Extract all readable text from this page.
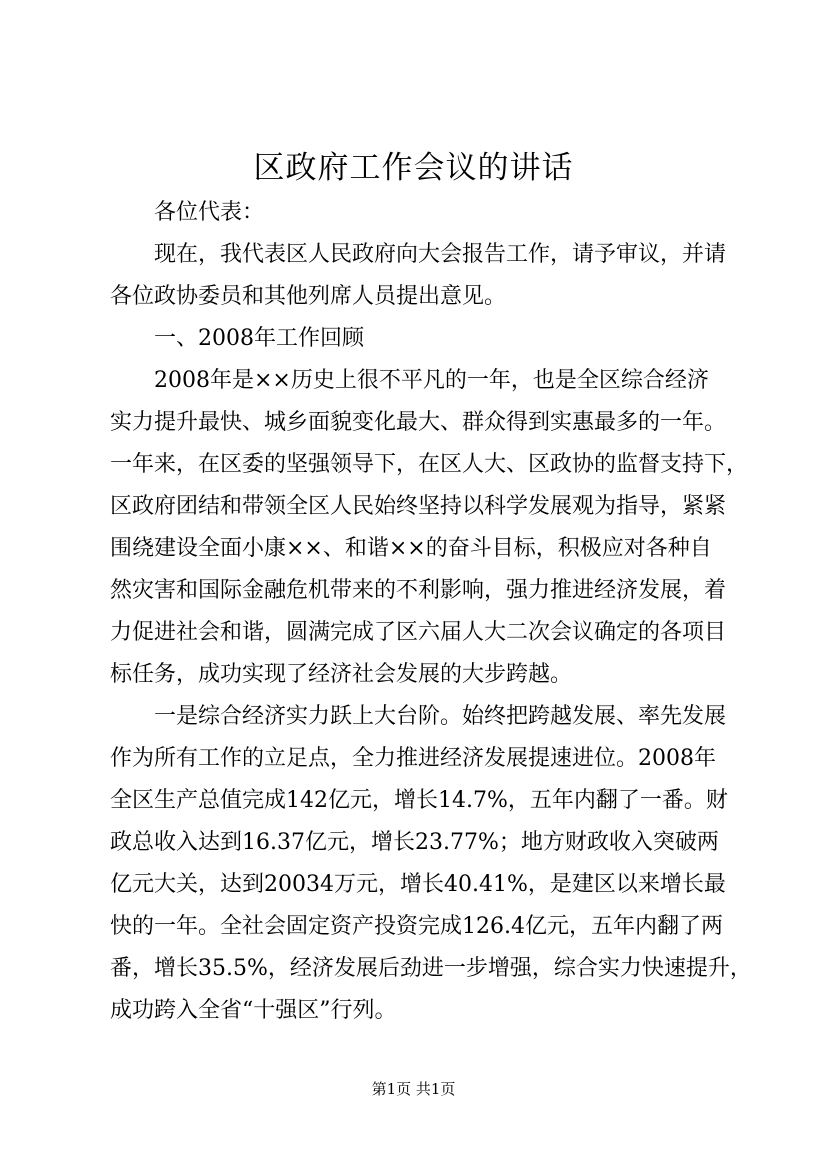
区政府工作会议的讲话
各位代表：
现在，我代表区人民政府向大会报告工作，请予审议，并请
各位政协委员和其他列席人员提出意见。
一、2008年工作回顾
2008年是××历史上很不平凡的一年，也是全区综合经济
实力提升最快、城乡面貌变化最大、群众得到实惠最多的一年。
一年来，在区委的坚强领导下，在区人大、区政协的监督支持下，
区政府团结和带领全区人民始终坚持以科学发展观为指导，紧紧
围绕建设全面小康××、和谐××的奋斗目标，积极应对各种自
然灾害和国际金融危机带来的不利影响，强力推进经济发展，着
力促进社会和谐，圆满完成了区六届人大二次会议确定的各项目
标任务，成功实现了经济社会发展的大步跨越。
一是综合经济实力跃上大台阶。始终把跨越发展、率先发展
作为所有工作的立足点，全力推进经济发展提速进位。2008年
全区生产总值完成142亿元，增长14.7%，五年内翻了一番。财
政总收入达到16.37亿元，增长23.77%；地方财政收入突破两
亿元大关，达到20034万元，增长40.41%，是建区以来增长最
快的一年。全社会固定资产投资完成126.4亿元，五年内翻了两
番，增长35.5%，经济发展后劲进一步增强，综合实力快速提升，
成功跨入全省“十强区”行列。
第1页 共1页
